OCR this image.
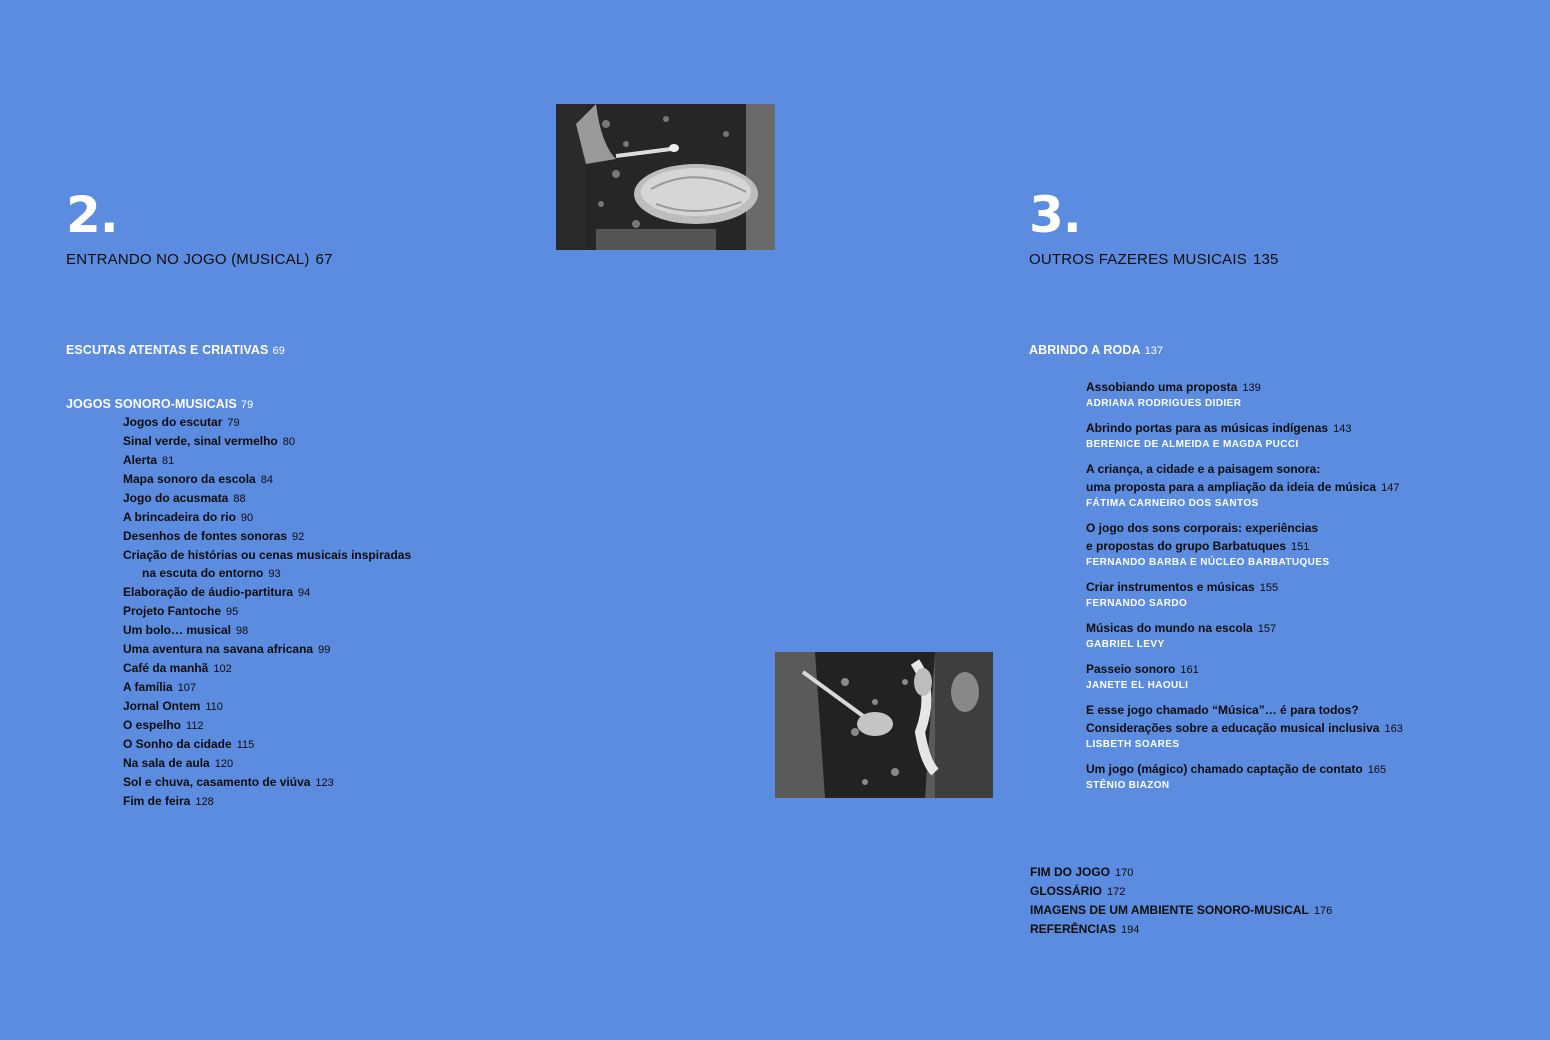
2.
ENTRANDO NO JOGO (MUSICAL) 67
ESCUTAS ATENTAS E CRIATIVAS 69
JOGOS SONORO-MUSICAIS 79
Jogos do escutar 79
Sinal verde, sinal vermelho 80
Alerta 81
Mapa sonoro da escola 84
Jogo do acusmata 88
A brincadeira do rio 90
Desenhos de fontes sonoras 92
Criação de histórias ou cenas musicais inspiradas
na escuta do entorno 93
Elaboração de áudio-partitura 94
Projeto Fantoche 95
Um bolo… musical 98
Uma aventura na savana africana 99
Café da manhã 102
A família 107
Jornal Ontem 110
O espelho 112
O Sonho da cidade 115
Na sala de aula 120
Sol e chuva, casamento de viúva 123
Fim de feira 128
3.
OUTROS FAZERES MUSICAIS 135
ABRINDO A RODA 137
Assobiando uma proposta 139
ADRIANA RODRIGUES DIDIER
Abrindo portas para as músicas indígenas 143
BERENICE DE ALMEIDA E MAGDA PUCCI
A criança, a cidade e a paisagem sonora:
uma proposta para a ampliação da ideia de música 147
FÁTIMA CARNEIRO DOS SANTOS
O jogo dos sons corporais: experiências
e propostas do grupo Barbatuques 151
FERNANDO BARBA E NÚCLEO BARBATUQUES
Criar instrumentos e músicas 155
FERNANDO SARDO
Músicas do mundo na escola 157
GABRIEL LEVY
Passeio sonoro 161
JANETE EL HAOULI
E esse jogo chamado “Música”… é para todos?
Considerações sobre a educação musical inclusiva 163
LISBETH SOARES
Um jogo (mágico) chamado captação de contato 165
STÊNIO BIAZON
FIM DO JOGO 170
GLOSSÁRIO 172
IMAGENS DE UM AMBIENTE SONORO-MUSICAL 176
REFERÊNCIAS 194
